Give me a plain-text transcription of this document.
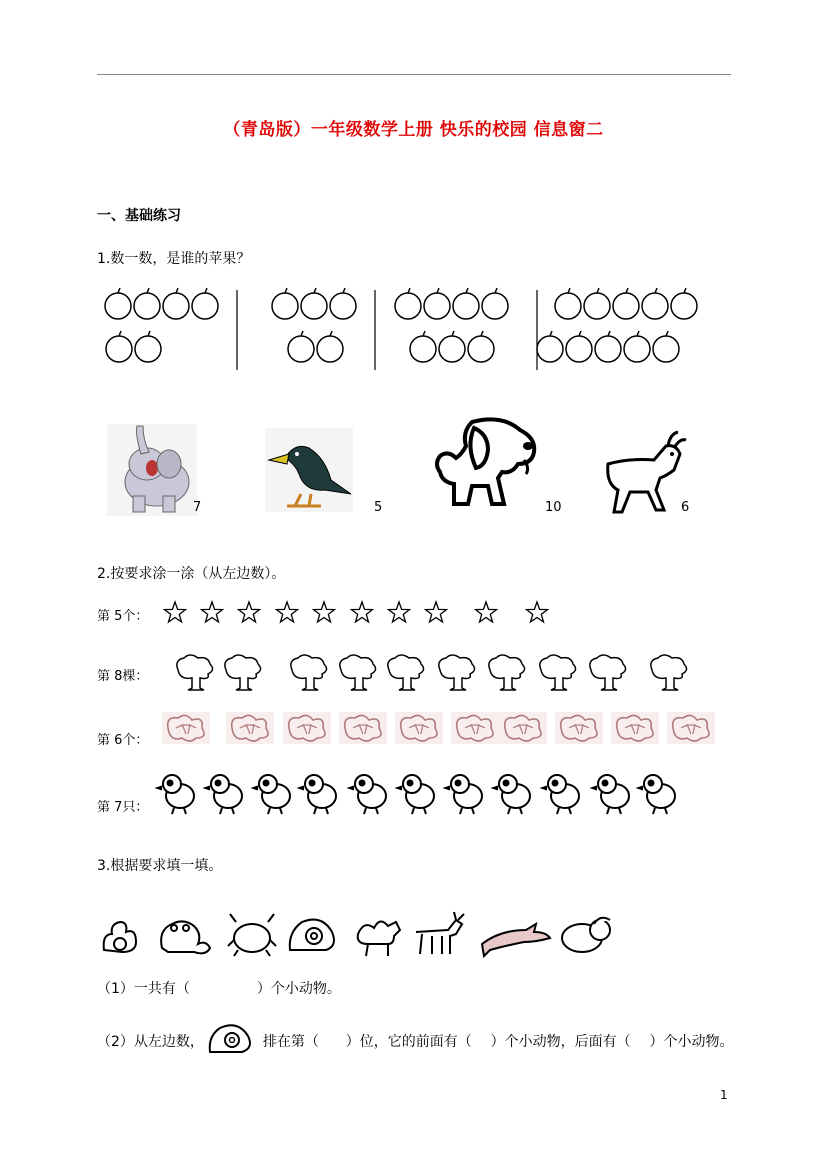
（青岛版）一年级数学上册 快乐的校园 信息窗二
一、基础练习
1.数一数，是谁的苹果？
7	5	10	6
2.按要求涂一涂（从左边数）。
第 5个：
第 8棵：
第 6个：
第 7只：
3.根据要求填一填。
（1）一共有（	）个小动物。
（2）从左边数，	排在第（ ）位，它的前面有（ ）个小动物，后面有（ ）个小动物。
1
